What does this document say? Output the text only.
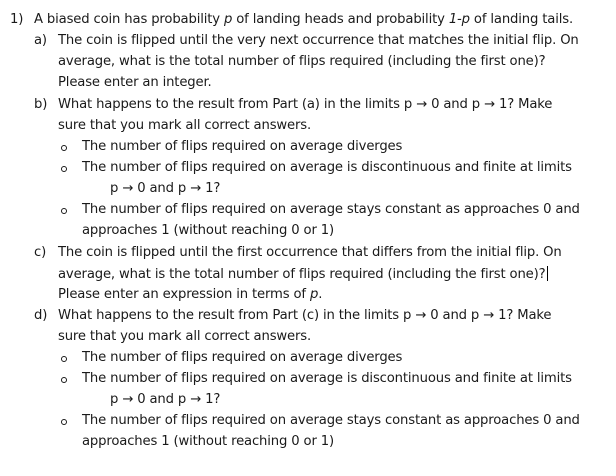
1) A biased coin has probability p of landing heads and probability 1-p of landing tails.
a) The coin is flipped until the very next occurrence that matches the initial flip. On
average, what is the total number of flips required (including the first one)?
Please enter an integer.
b) What happens to the result from Part (a) in the limits p → 0 and p → 1? Make
sure that you mark all correct answers.
The number of flips required on average diverges
The number of flips required on average is discontinuous and finite at limits
p → 0 and p → 1?
The number of flips required on average stays constant as approaches 0 and
approaches 1 (without reaching 0 or 1)
c) The coin is flipped until the first occurrence that differs from the initial flip. On
average, what is the total number of flips required (including the first one)?
Please enter an expression in terms of p.
d) What happens to the result from Part (c) in the limits p → 0 and p → 1? Make
sure that you mark all correct answers.
The number of flips required on average diverges
The number of flips required on average is discontinuous and finite at limits
p → 0 and p → 1?
The number of flips required on average stays constant as approaches 0 and
approaches 1 (without reaching 0 or 1)
